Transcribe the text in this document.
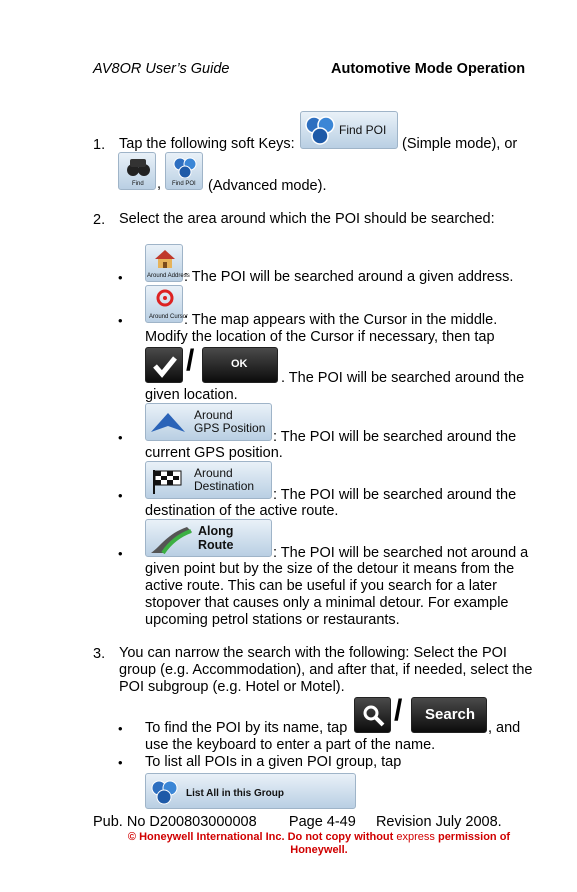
AV8OR User’s Guide	Automotive Mode Operation
1. Tap the following soft Keys:
Find POI
(Simple mode), or
Find , Find POI (Advanced mode).
2. Select the area around which the POI should be searched:
•	Around Address
: The POI will be searched around a given address.
•	Around Cursor
: The map appears with the Cursor in the middle.
Modify the location of the Cursor if necessary, then tap
/	OK
. The POI will be searched around the
given location.
•
Around
GPS Position
: The POI will be searched around the
current GPS position.
•
Around
Destination
: The POI will be searched around the
destination of the active route.
•
Along
Route	: The POI will be searched not around a
given point but by the size of the detour it means from the
active route. This can be useful if you search for a later
stopover that causes only a minimal detour. For example
upcoming petrol stations or restaurants.
3. You can narrow the search with the following: Select the POI
group (e.g. Accommodation), and after that, if needed, select the
POI subgroup (e.g. Hotel or Motel).
• To find the POI by its name, tap
/ Search
, and
use the keyboard to enter a part of the name.
• To list all POIs in a given POI group, tap
List All in this Group
Pub. No D200803000008        Page 4-49     Revision July 2008.
© Honeywell International Inc. Do not copy without express permission of
Honeywell.
